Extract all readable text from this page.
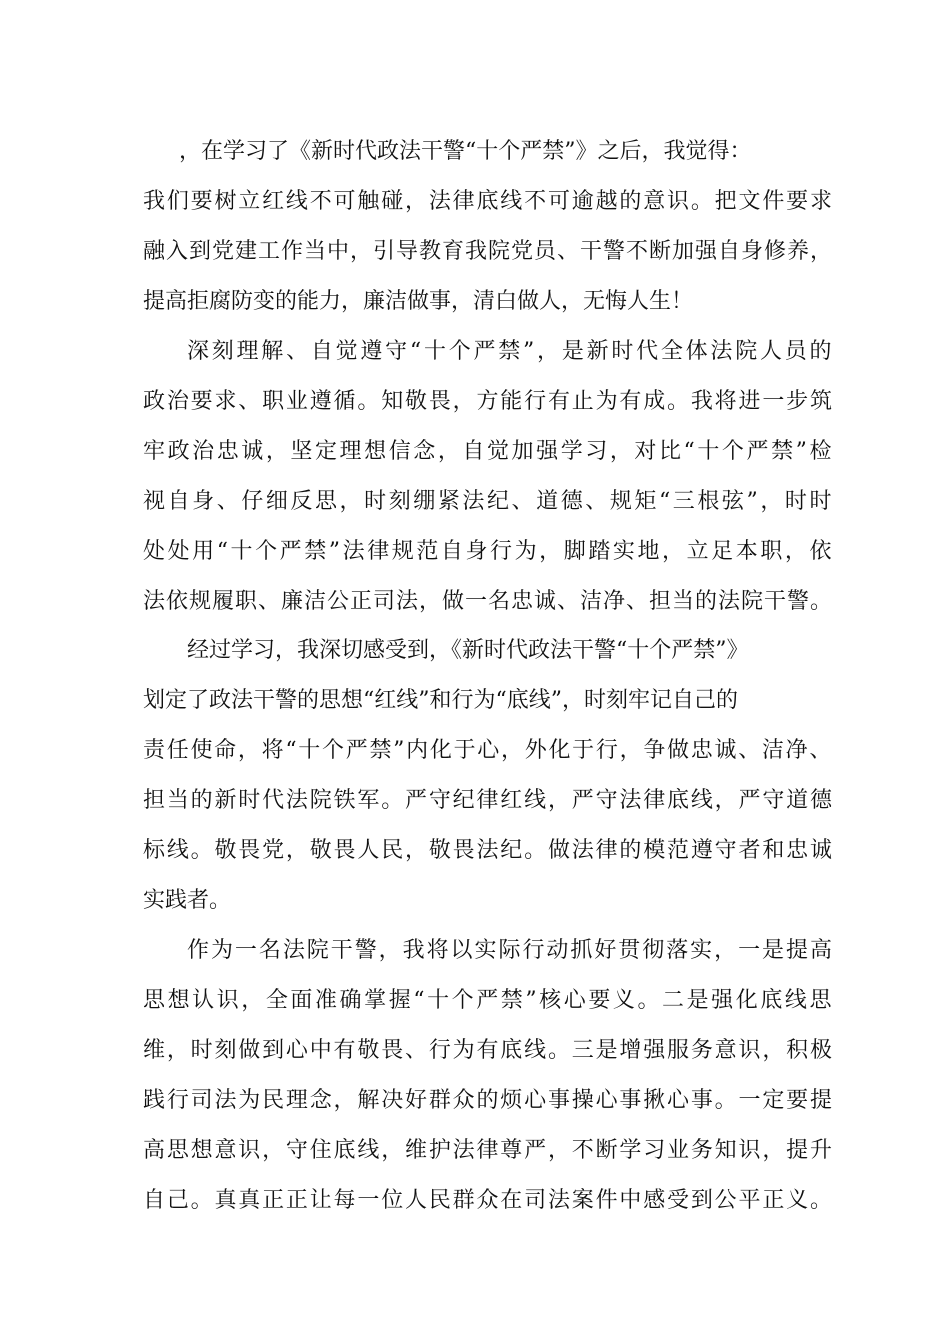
，在学习了《新时代政法干警“十个严禁”》之后，我觉得：

我们要树立红线不可触碰，法律底线不可逾越的意识。把文件要求

融入到党建工作当中，引导教育我院党员、干警不断加强自身修养，

提高拒腐防变的能力，廉洁做事，清白做人，无悔人生！

深刻理解、自觉遵守“十个严禁”，是新时代全体法院人员的

政治要求、职业遵循。知敬畏，方能行有止为有成。我将进一步筑

牢政治忠诚，坚定理想信念，自觉加强学习，对比“十个严禁”检

视自身、仔细反思，时刻绷紧法纪、道德、规矩“三根弦”，时时

处处用“十个严禁”法律规范自身行为，脚踏实地，立足本职，依

法依规履职、廉洁公正司法，做一名忠诚、洁净、担当的法院干警。

经过学习，我深切感受到，《新时代政法干警“十个严禁”》

划定了政法干警的思想“红线”和行为“底线”，时刻牢记自己的

责任使命，将“十个严禁”内化于心，外化于行，争做忠诚、洁净、

担当的新时代法院铁军。严守纪律红线，严守法律底线，严守道德

标线。敬畏党，敬畏人民，敬畏法纪。做法律的模范遵守者和忠诚

实践者。

作为一名法院干警，我将以实际行动抓好贯彻落实，一是提高

思想认识，全面准确掌握“十个严禁”核心要义。二是强化底线思

维，时刻做到心中有敬畏、行为有底线。三是增强服务意识，积极

践行司法为民理念，解决好群众的烦心事操心事揪心事。一定要提

高思想意识，守住底线，维护法律尊严，不断学习业务知识，提升

自己。真真正正让每一位人民群众在司法案件中感受到公平正义。
